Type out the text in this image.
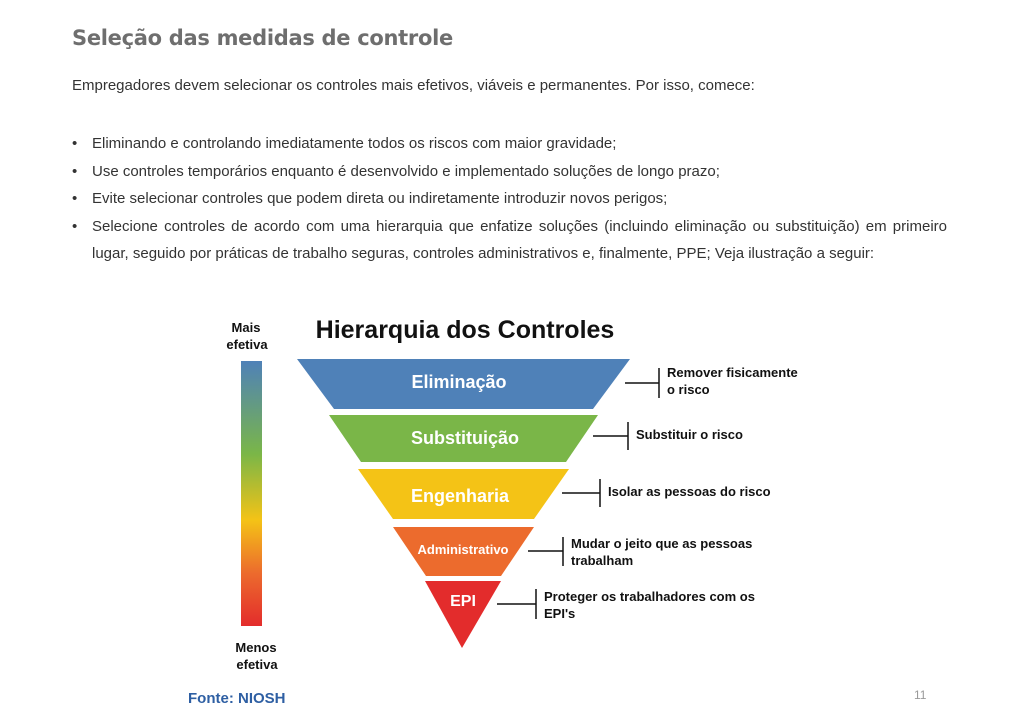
Seleção das medidas de controle
Empregadores devem selecionar os controles mais efetivos, viáveis e permanentes. Por isso, comece:
• Eliminando e controlando imediatamente todos os riscos com maior gravidade;
• Use controles temporários enquanto é desenvolvido e implementado soluções de longo prazo;
• Evite selecionar controles que podem direta ou indiretamente introduzir novos perigos;
• Selecione controles de acordo com uma hierarquia que enfatize soluções (incluindo eliminação ou substituição) em primeiro lugar, seguido por práticas de trabalho seguras, controles administrativos e, finalmente, PPE; Veja ilustração a seguir:
Mais
efetiva
Menos
efetiva
Hierarquia dos Controles
Eliminação
Substituição
Engenharia
Administrativo
EPI
Remover fisicamente
o risco
Substituir o risco
Isolar as pessoas do risco
Mudar o jeito que as pessoas
trabalham
Proteger os trabalhadores com os
EPI's
Fonte: NIOSH	11
